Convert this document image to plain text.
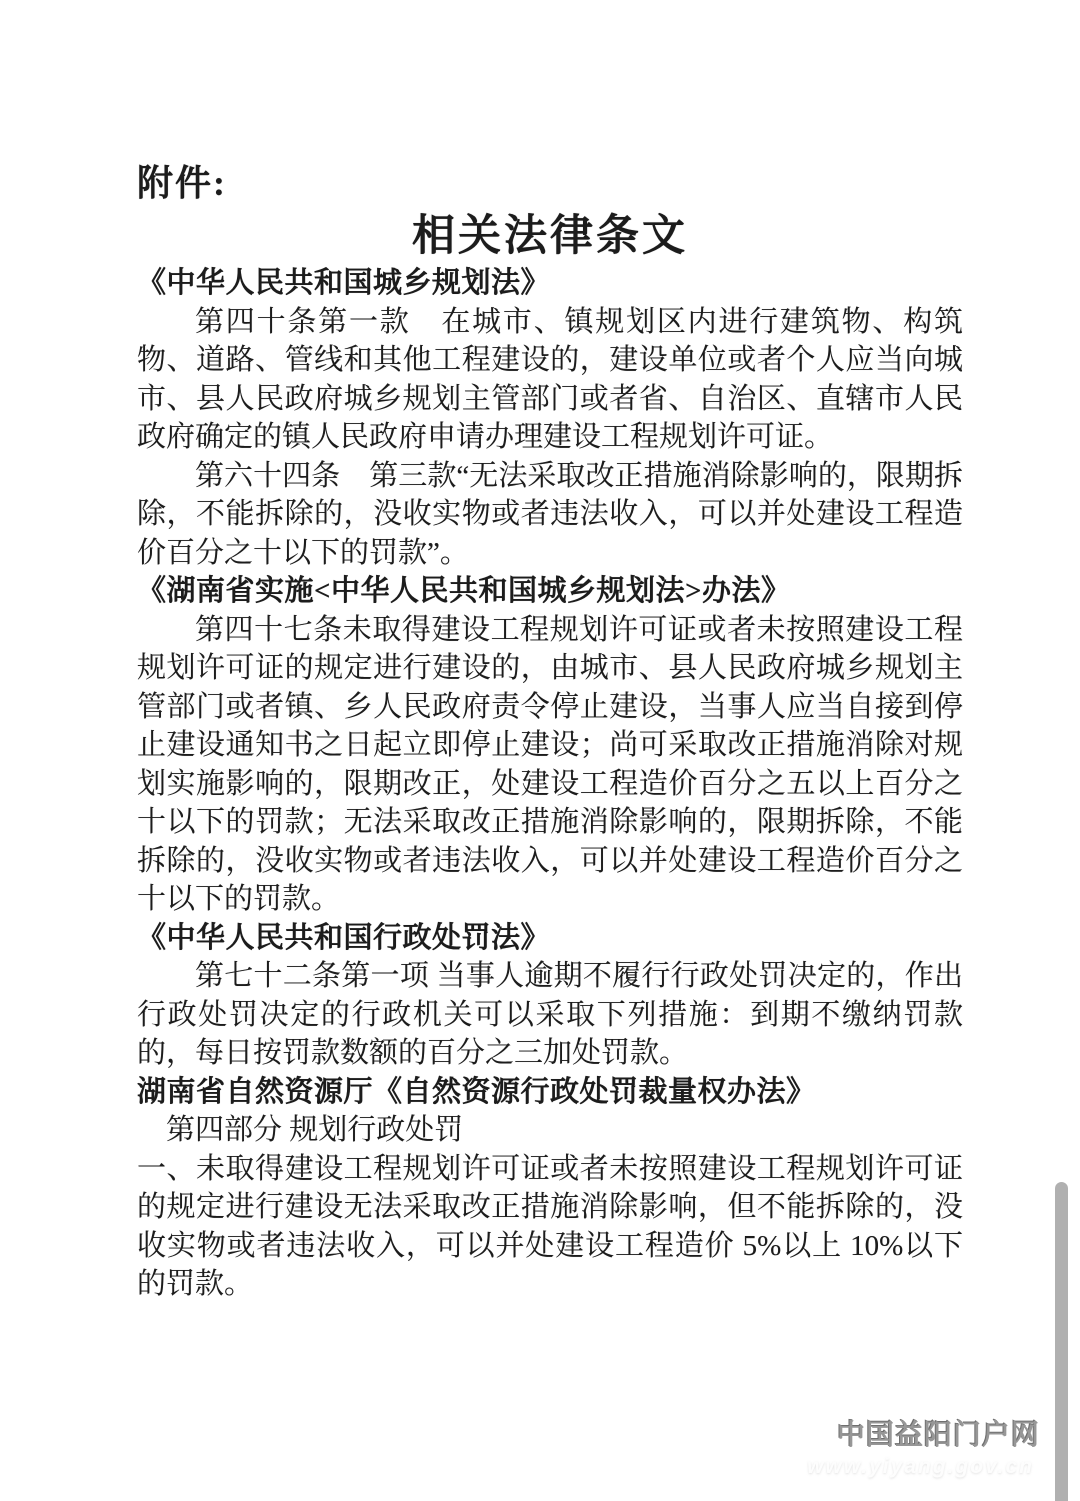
附件:
相关法律条文
《中华人民共和国城乡规划法》

第四十条第一款　在城市、镇规划区内进行建筑物、构筑物、道路、管线和其他工程建设的，建设单位或者个人应当向城市、县人民政府城乡规划主管部门或者省、自治区、直辖市人民政府确定的镇人民政府申请办理建设工程规划许可证。

第六十四条　第三款“无法采取改正措施消除影响的，限期拆除，不能拆除的，没收实物或者违法收入，可以并处建设工程造价百分之十以下的罚款”。

《湖南省实施<中华人民共和国城乡规划法>办法》

第四十七条未取得建设工程规划许可证或者未按照建设工程规划许可证的规定进行建设的，由城市、县人民政府城乡规划主管部门或者镇、乡人民政府责令停止建设，当事人应当自接到停止建设通知书之日起立即停止建设；尚可采取改正措施消除对规划实施影响的，限期改正，处建设工程造价百分之五以上百分之十以下的罚款；无法采取改正措施消除影响的，限期拆除，不能拆除的，没收实物或者违法收入，可以并处建设工程造价百分之十以下的罚款。

《中华人民共和国行政处罚法》

第七十二条第一项 当事人逾期不履行行政处罚决定的，作出行政处罚决定的行政机关可以采取下列措施：到期不缴纳罚款的，每日按罚款数额的百分之三加处罚款。

湖南省自然资源厅《自然资源行政处罚裁量权办法》

第四部分 规划行政处罚

一、未取得建设工程规划许可证或者未按照建设工程规划许可证的规定进行建设无法采取改正措施消除影响，但不能拆除的，没收实物或者违法收入，可以并处建设工程造价 5%以上 10%以下的罚款。

中国益阳门户网
www.yiyang.gov.cn
